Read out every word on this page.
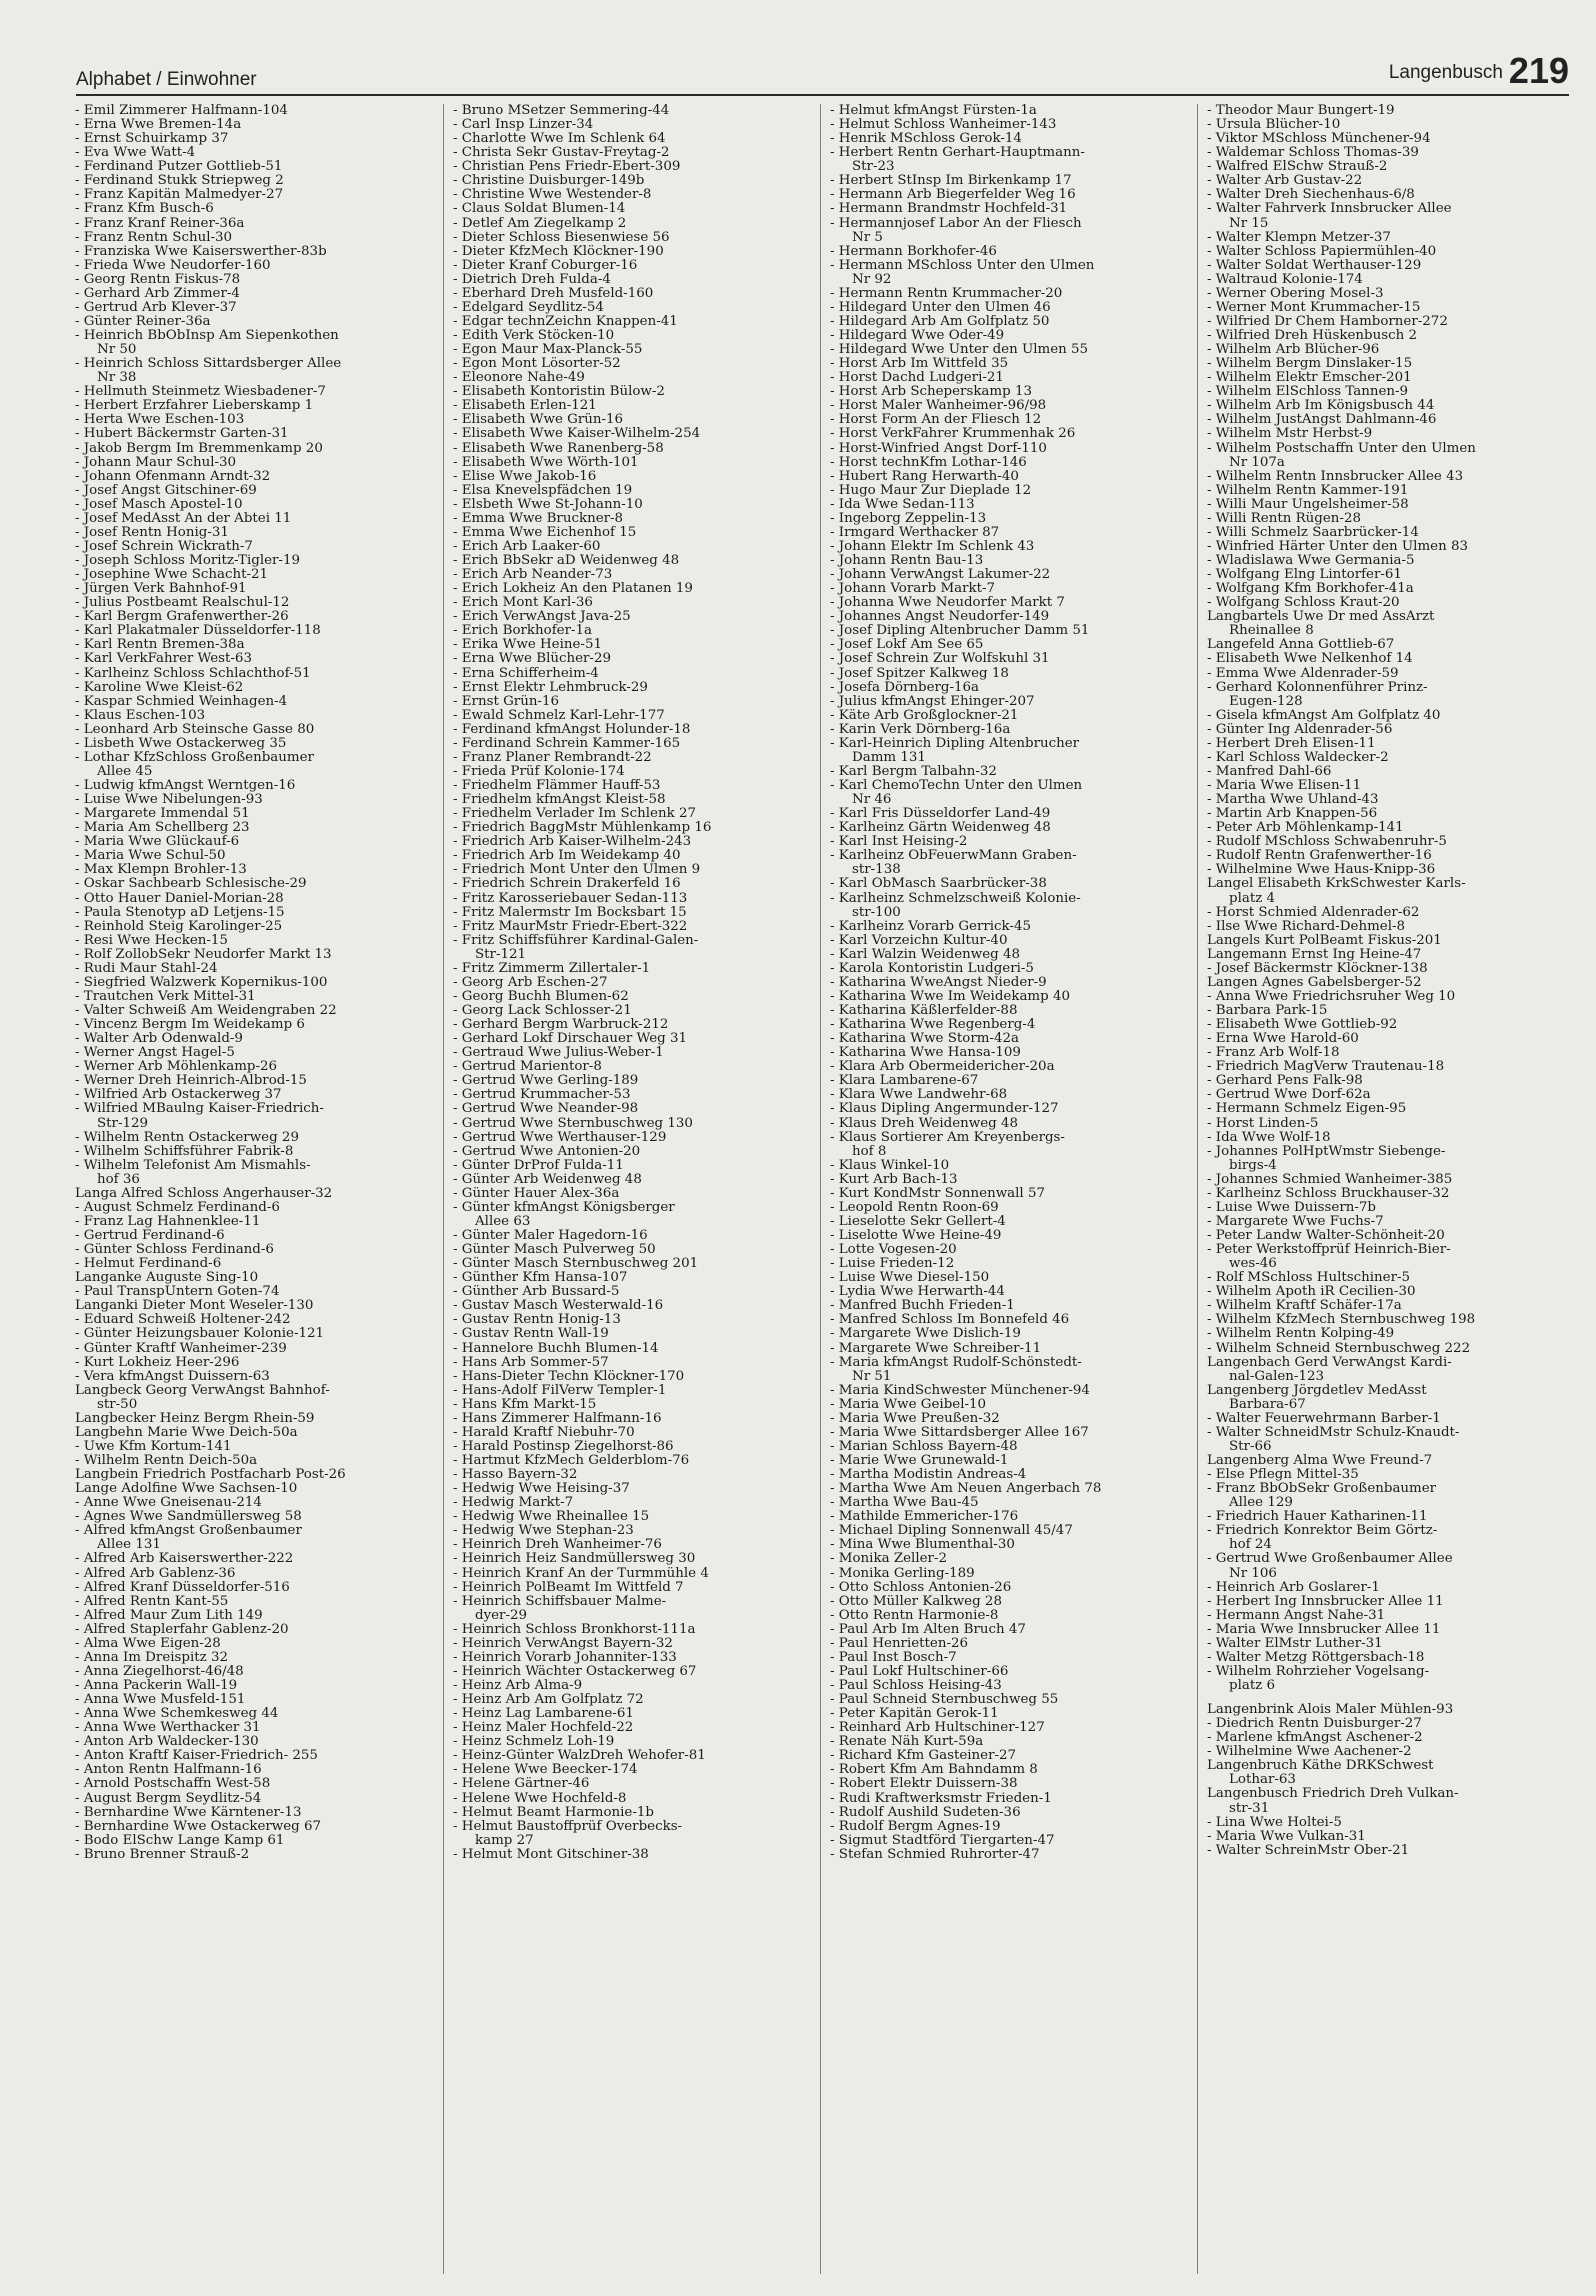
Alphabet / Einwohner	Langenbusch 219
- Emil Zimmerer Halfmann-104
- Erna Wwe Bremen-14a
- Ernst Schuirkamp 37
- Eva Wwe Watt-4
- Ferdinand Putzer Gottlieb-51
- Ferdinand Stukk Striepweg 2
- Franz Kapitän Malmedyer-27
- Franz Kfm Busch-6
- Franz Kranf Reiner-36a
- Franz Rentn Schul-30
- Franziska Wwe Kaiserswerther-83b
- Frieda Wwe Neudorfer-160
- Georg Rentn Fiskus-78
- Gerhard Arb Zimmer-4
- Gertrud Arb Klever-37
- Günter Reiner-36a
- Heinrich BbObInsp Am Siepenkothen
Nr 50
- Heinrich Schloss Sittardsberger Allee
Nr 38
- Hellmuth Steinmetz Wiesbadener-7
- Herbert Erzfahrer Lieberskamp 1
- Herta Wwe Eschen-103
- Hubert Bäckermstr Garten-31
- Jakob Bergm Im Bremmenkamp 20
- Johann Maur Schul-30
- Johann Ofenmann Arndt-32
- Josef Angst Gitschiner-69
- Josef Masch Apostel-10
- Josef MedAsst An der Abtei 11
- Josef Rentn Honig-31
- Josef Schrein Wickrath-7
- Joseph Schloss Moritz-Tigler-19
- Josephine Wwe Schacht-21
- Jürgen Verk Bahnhof-91
- Julius Postbeamt Realschul-12
- Karl Bergm Grafenwerther-26
- Karl Plakatmaler Düsseldorfer-118
- Karl Rentn Bremen-38a
- Karl VerkFahrer West-63
- Karlheinz Schloss Schlachthof-51
- Karoline Wwe Kleist-62
- Kaspar Schmied Weinhagen-4
- Klaus Eschen-103
- Leonhard Arb Steinsche Gasse 80
- Lisbeth Wwe Ostackerweg 35
- Lothar KfzSchloss Großenbaumer
Allee 45
- Ludwig kfmAngst Werntgen-16
- Luise Wwe Nibelungen-93
- Margarete Immendal 51
- Maria Am Schellberg 23
- Maria Wwe Glückauf-6
- Maria Wwe Schul-50
- Max Klempn Brohler-13
- Oskar Sachbearb Schlesische-29
- Otto Hauer Daniel-Morian-28
- Paula Stenotyp aD Letjens-15
- Reinhold Steig Karolinger-25
- Resi Wwe Hecken-15
- Rolf ZollobSekr Neudorfer Markt 13
- Rudi Maur Stahl-24
- Siegfried Walzwerk Kopernikus-100
- Trautchen Verk Mittel-31
- Valter Schweiß Am Weidengraben 22
- Vincenz Bergm Im Weidekamp 6
- Walter Arb Odenwald-9
- Werner Angst Hagel-5
- Werner Arb Möhlenkamp-26
- Werner Dreh Heinrich-Albrod-15
- Wilfried Arb Ostackerweg 37
- Wilfried MBaulng Kaiser-Friedrich-
Str-129
- Wilhelm Rentn Ostackerweg 29
- Wilhelm Schiffsführer Fabrik-8
- Wilhelm Telefonist Am Mismahls-
hof 36
Langa Alfred Schloss Angerhauser-32
- August Schmelz Ferdinand-6
- Franz Lag Hahnenklee-11
- Gertrud Ferdinand-6
- Günter Schloss Ferdinand-6
- Helmut Ferdinand-6
Langanke Auguste Sing-10
- Paul TranspUntern Goten-74
Langanki Dieter Mont Weseler-130
- Eduard Schweiß Holtener-242
- Günter Heizungsbauer Kolonie-121
- Günter Kraftf Wanheimer-239
- Kurt Lokheiz Heer-296
- Vera kfmAngst Duissern-63
Langbeck Georg VerwAngst Bahnhof-
str-50
Langbecker Heinz Bergm Rhein-59
Langbehn Marie Wwe Deich-50a
- Uwe Kfm Kortum-141
- Wilhelm Rentn Deich-50a
Langbein Friedrich Postfacharb Post-26
Lange Adolfine Wwe Sachsen-10
- Änne Wwe Gneisenau-214
- Agnes Wwe Sandmüllersweg 58
- Alfred kfmAngst Großenbaumer
Allee 131
- Alfred Arb Kaiserswerther-222
- Alfred Arb Gablenz-36
- Alfred Kranf Düsseldorfer-516
- Alfred Rentn Kant-55
- Alfred Maur Zum Lith 149
- Alfred Staplerfahr Gablenz-20
- Alma Wwe Eigen-28
- Anna Im Dreispitz 32
- Anna Ziegelhorst-46/48
- Anna Packerin Wall-19
- Anna Wwe Musfeld-151
- Anna Wwe Schemkesweg 44
- Anna Wwe Werthacker 31
- Anton Arb Waldecker-130
- Anton Kraftf Kaiser-Friedrich- 255
- Anton Rentn Halfmann-16
- Arnold Postschaffn West-58
- August Bergm Seydlitz-54
- Bernhardine Wwe Kärntener-13
- Bernhardine Wwe Ostackerweg 67
- Bodo ElSchw Lange Kamp 61
- Bruno Brenner Strauß-2
- Bruno MSetzer Semmering-44
- Carl Insp Linzer-34
- Charlotte Wwe Im Schlenk 64
- Christa Sekr Gustav-Freytag-2
- Christian Pens Friedr-Ebert-309
- Christine Duisburger-149b
- Christine Wwe Westender-8
- Claus Soldat Blumen-14
- Detlef Am Ziegelkamp 2
- Dieter Schloss Biesenwiese 56
- Dieter KfzMech Klöckner-190
- Dieter Kranf Coburger-16
- Dietrich Dreh Fulda-4
- Eberhard Dreh Musfeld-160
- Edelgard Seydlitz-54
- Edgar technZeichn Knappen-41
- Edith Verk Stöcken-10
- Egon Maur Max-Planck-55
- Egon Mont Lösorter-52
- Eleonore Nahe-49
- Elisabeth Kontoristin Bülow-2
- Elisabeth Erlen-121
- Elisabeth Wwe Grün-16
- Elisabeth Wwe Kaiser-Wilhelm-254
- Elisabeth Wwe Ranenberg-58
- Elisabeth Wwe Wörth-101
- Elise Wwe Jakob-16
- Elsa Knevelspfädchen 19
- Elsbeth Wwe St-Johann-10
- Emma Wwe Bruckner-8
- Emma Wwe Eichenhof 15
- Erich Arb Laaker-60
- Erich BbSekr aD Weidenweg 48
- Erich Arb Neander-73
- Erich Lokheiz An den Platanen 19
- Erich Mont Karl-36
- Erich VerwAngst Java-25
- Erich Borkhofer-1a
- Erika Wwe Heine-51
- Erna Wwe Blücher-29
- Erna Schifferheim-4
- Ernst Elektr Lehmbruck-29
- Ernst Grün-16
- Ewald Schmelz Karl-Lehr-177
- Ferdinand kfmAngst Holunder-18
- Ferdinand Schrein Kammer-165
- Franz Planer Rembrandt-22
- Frieda Prüf Kolonie-174
- Friedhelm Flämmer Hauff-53
- Friedhelm kfmAngst Kleist-58
- Friedhelm Verlader Im Schlenk 27
- Friedrich BaggMstr Mühlenkamp 16
- Friedrich Arb Kaiser-Wilhelm-243
- Friedrich Arb Im Weidekamp 40
- Friedrich Mont Unter den Ulmen 9
- Friedrich Schrein Drakerfeld 16
- Fritz Karosseriebauer Sedan-113
- Fritz Malermstr Im Bocksbart 15
- Fritz MaurMstr Friedr-Ebert-322
- Fritz Schiffsführer Kardinal-Galen-
Str-121
- Fritz Zimmerm Zillertaler-1
- Georg Arb Eschen-27
- Georg Buchh Blumen-62
- Georg Lack Schlosser-21
- Gerhard Bergm Warbruck-212
- Gerhard Lokf Dirschauer Weg 31
- Gertraud Wwe Julius-Weber-1
- Gertrud Marientor-8
- Gertrud Wwe Gerling-189
- Gertrud Krummacher-53
- Gertrud Wwe Neander-98
- Gertrud Wwe Sternbuschweg 130
- Gertrud Wwe Werthauser-129
- Gertrud Wwe Antonien-20
- Günter DrProf Fulda-11
- Günter Arb Weidenweg 48
- Günter Hauer Alex-36a
- Günter kfmAngst Königsberger
Allee 63
- Günter Maler Hagedorn-16
- Günter Masch Pulverweg 50
- Günter Masch Sternbuschweg 201
- Günther Kfm Hansa-107
- Günther Arb Bussard-5
- Gustav Masch Westerwald-16
- Gustav Rentn Honig-13
- Gustav Rentn Wall-19
- Hannelore Buchh Blumen-14
- Hans Arb Sommer-57
- Hans-Dieter Techn Klöckner-170
- Hans-Adolf FilVerw Templer-1
- Hans Kfm Markt-15
- Hans Zimmerer Halfmann-16
- Harald Kraftf Niebuhr-70
- Harald Postinsp Ziegelhorst-86
- Hartmut KfzMech Gelderblom-76
- Hasso Bayern-32
- Hedwig Wwe Heising-37
- Hedwig Markt-7
- Hedwig Wwe Rheinallee 15
- Hedwig Wwe Stephan-23
- Heinrich Dreh Wanheimer-76
- Heinrich Heiz Sandmüllersweg 30
- Heinrich Kranf An der Turmmühle 4
- Heinrich PolBeamt Im Wittfeld 7
- Heinrich Schiffsbauer Malme-
dyer-29
- Heinrich Schloss Bronkhorst-111a
- Heinrich VerwAngst Bayern-32
- Heinrich Vorarb Johanniter-133
- Heinrich Wächter Ostackerweg 67
- Heinz Arb Alma-9
- Heinz Arb Am Golfplatz 72
- Heinz Lag Lambarene-61
- Heinz Maler Hochfeld-22
- Heinz Schmelz Loh-19
- Heinz-Günter WalzDreh Wehofer-81
- Helene Wwe Beecker-174
- Helene Gärtner-46
- Helene Wwe Hochfeld-8
- Helmut Beamt Harmonie-1b
- Helmut Baustoffprüf Overbecks-
kamp 27
- Helmut Mont Gitschiner-38
- Helmut kfmAngst Fürsten-1a
- Helmut Schloss Wanheimer-143
- Henrik MSchloss Gerok-14
- Herbert Rentn Gerhart-Hauptmann-
Str-23
- Herbert StInsp Im Birkenkamp 17
- Hermann Arb Biegerfelder Weg 16
- Hermann Brandmstr Hochfeld-31
- Hermannjosef Labor An der Fliesch
Nr 5
- Hermann Borkhofer-46
- Hermann MSchloss Unter den Ulmen
Nr 92
- Hermann Rentn Krummacher-20
- Hildegard Unter den Ulmen 46
- Hildegard Arb Am Golfplatz 50
- Hildegard Wwe Oder-49
- Hildegard Wwe Unter den Ulmen 55
- Horst Arb Im Wittfeld 35
- Horst Dachd Ludgeri-21
- Horst Arb Scheperskamp 13
- Horst Maler Wanheimer-96/98
- Horst Form An der Fliesch 12
- Horst VerkFahrer Krummenhak 26
- Horst-Winfried Angst Dorf-110
- Horst technKfm Lothar-146
- Hubert Rang Herwarth-40
- Hugo Maur Zur Dieplade 12
- Ida Wwe Sedan-113
- Ingeborg Zeppelin-13
- Irmgard Werthacker 87
- Johann Elektr Im Schlenk 43
- Johann Rentn Bau-13
- Johann VerwAngst Lakumer-22
- Johann Vorarb Markt-7
- Johanna Wwe Neudorfer Markt 7
- Johannes Angst Neudorfer-149
- Josef Dipling Altenbrucher Damm 51
- Josef Lokf Am See 65
- Josef Schrein Zur Wolfskuhl 31
- Josef Spitzer Kalkweg 18
- Josefa Dörnberg-16a
- Julius kfmAngst Ehinger-207
- Käte Arb Großglockner-21
- Karin Verk Dörnberg-16a
- Karl-Heinrich Dipling Altenbrucher
Damm 131
- Karl Bergm Talbahn-32
- Karl ChemoTechn Unter den Ulmen
Nr 46
- Karl Fris Düsseldorfer Land-49
- Karlheinz Gärtn Weidenweg 48
- Karl Inst Heising-2
- Karlheinz ObFeuerwMann Graben-
str-138
- Karl ObMasch Saarbrücker-38
- Karlheinz Schmelzschweiß Kolonie-
str-100
- Karlheinz Vorarb Gerrick-45
- Karl Vorzeichn Kultur-40
- Karl Walzin Weidenweg 48
- Karola Kontoristin Ludgeri-5
- Katharina WweAngst Nieder-9
- Katharina Wwe Im Weidekamp 40
- Katharina Käßlerfelder-88
- Katharina Wwe Regenberg-4
- Katharina Wwe Storm-42a
- Katharina Wwe Hansa-109
- Klara Arb Obermeidericher-20a
- Klara Lambarene-67
- Klara Wwe Landwehr-68
- Klaus Dipling Angermunder-127
- Klaus Dreh Weidenweg 48
- Klaus Sortierer Am Kreyenbergs-
hof 8
- Klaus Winkel-10
- Kurt Arb Bach-13
- Kurt KondMstr Sonnenwall 57
- Leopold Rentn Roon-69
- Lieselotte Sekr Gellert-4
- Liselotte Wwe Heine-49
- Lotte Vogesen-20
- Luise Frieden-12
- Luise Wwe Diesel-150
- Lydia Wwe Herwarth-44
- Manfred Buchh Frieden-1
- Manfred Schloss Im Bonnefeld 46
- Margarete Wwe Dislich-19
- Margarete Wwe Schreiber-11
- Maria kfmAngst Rudolf-Schönstedt-
Nr 51
- Maria KindSchwester Münchener-94
- Maria Wwe Geibel-10
- Maria Wwe Preußen-32
- Maria Wwe Sittardsberger Allee 167
- Marian Schloss Bayern-48
- Marie Wwe Grunewald-1
- Martha Modistin Andreas-4
- Martha Wwe Am Neuen Angerbach 78
- Martha Wwe Bau-45
- Mathilde Emmericher-176
- Michael Dipling Sonnenwall 45/47
- Mina Wwe Blumenthal-30
- Monika Zeller-2
- Monika Gerling-189
- Otto Schloss Antonien-26
- Otto Müller Kalkweg 28
- Otto Rentn Harmonie-8
- Paul Arb Im Alten Bruch 47
- Paul Henrietten-26
- Paul Inst Bosch-7
- Paul Lokf Hultschiner-66
- Paul Schloss Heising-43
- Paul Schneid Sternbuschweg 55
- Peter Kapitän Gerok-11
- Reinhard Arb Hultschiner-127
- Renate Näh Kurt-59a
- Richard Kfm Gasteiner-27
- Robert Kfm Am Bahndamm 8
- Robert Elektr Duissern-38
- Rudi Kraftwerksmstr Frieden-1
- Rudolf Aushild Sudeten-36
- Rudolf Bergm Agnes-19
- Sigmut Stadtförd Tiergarten-47
- Stefan Schmied Ruhrorter-47
- Theodor Maur Bungert-19
- Ursula Blücher-10
- Viktor MSchloss Münchener-94
- Waldemar Schloss Thomas-39
- Walfred ElSchw Strauß-2
- Walter Arb Gustav-22
- Walter Dreh Siechenhaus-6/8
- Walter Fahrverk Innsbrucker Allee
Nr 15
- Walter Klempn Metzer-37
- Walter Schloss Papiermühlen-40
- Walter Soldat Werthauser-129
- Waltraud Kolonie-174
- Werner Obering Mosel-3
- Werner Mont Krummacher-15
- Wilfried Dr Chem Hamborner-272
- Wilfried Dreh Hüskenbusch 2
- Wilhelm Arb Blücher-96
- Wilhelm Bergm Dinslaker-15
- Wilhelm Elektr Emscher-201
- Wilhelm ElSchloss Tannen-9
- Wilhelm Arb Im Königsbusch 44
- Wilhelm JustAngst Dahlmann-46
- Wilhelm Mstr Herbst-9
- Wilhelm Postschaffn Unter den Ulmen
Nr 107a
- Wilhelm Rentn Innsbrucker Allee 43
- Wilhelm Rentn Kammer-191
- Willi Maur Ungelsheimer-58
- Willi Rentn Rügen-28
- Willi Schmelz Saarbrücker-14
- Winfried Härter Unter den Ulmen 83
- Wladislawa Wwe Germania-5
- Wolfgang Elng Lintorfer-61
- Wolfgang Kfm Borkhofer-41a
- Wolfgang Schloss Kraut-20
Langbartels Uwe Dr med AssArzt
Rheinallee 8
Langefeld Anna Gottlieb-67
- Elisabeth Wwe Nelkenhof 14
- Emma Wwe Aldenrader-59
- Gerhard Kolonnenführer Prinz-
Eugen-128
- Gisela kfmAngst Am Golfplatz 40
- Günter Ing Aldenrader-56
- Herbert Dreh Elisen-11
- Karl Schloss Waldecker-2
- Manfred Dahl-66
- Maria Wwe Elisen-11
- Martha Wwe Uhland-43
- Martin Arb Knappen-56
- Peter Arb Möhlenkamp-141
- Rudolf MSchloss Schwabenruhr-5
- Rudolf Rentn Grafenwerther-16
- Wilhelmine Wwe Haus-Knipp-36
Langel Elisabeth KrkSchwester Karls-
platz 4
- Horst Schmied Aldenrader-62
- Ilse Wwe Richard-Dehmel-8
Langels Kurt PolBeamt Fiskus-201
Langemann Ernst Ing Heine-47
- Josef Bäckermstr Klöckner-138
Langen Agnes Gabelsberger-52
- Anna Wwe Friedrichsruher Weg 10
- Barbara Park-15
- Elisabeth Wwe Gottlieb-92
- Erna Wwe Harold-60
- Franz Arb Wolf-18
- Friedrich MagVerw Trautenau-18
- Gerhard Pens Falk-98
- Gertrud Wwe Dorf-62a
- Hermann Schmelz Eigen-95
- Horst Linden-5
- Ida Wwe Wolf-18
- Johannes PolHptWmstr Siebenge-
birgs-4
- Johannes Schmied Wanheimer-385
- Karlheinz Schloss Bruckhauser-32
- Luise Wwe Duissern-7b
- Margarete Wwe Fuchs-7
- Peter Landw Walter-Schönheit-20
- Peter Werkstoffprüf Heinrich-Bier-
wes-46
- Rolf MSchloss Hultschiner-5
- Wilhelm Apoth iR Cecilien-30
- Wilhelm Kraftf Schäfer-17a
- Wilhelm KfzMech Sternbuschweg 198
- Wilhelm Rentn Kolping-49
- Wilhelm Schneid Sternbuschweg 222
Langenbach Gerd VerwAngst Kardi-
nal-Galen-123
Langenberg Jörgdetlev MedAsst
Barbara-67
- Walter Feuerwehrmann Barber-1
- Walter SchneidMstr Schulz-Knaudt-
Str-66
Langenberg Alma Wwe Freund-7
- Else Pflegn Mittel-35
- Franz BbObSekr Großenbaumer
Allee 129
- Friedrich Hauer Katharinen-11
- Friedrich Konrektor Beim Görtz-
hof 24
- Gertrud Wwe Großenbaumer Allee
Nr 106
- Heinrich Arb Goslarer-1
- Herbert Ing Innsbrucker Allee 11
- Hermann Angst Nahe-31
- Maria Wwe Innsbrucker Allee 11
- Walter ElMstr Luther-31
- Walter Metzg Röttgersbach-18
- Wilhelm Rohrzieher Vogelsang-
platz 6
Langenbrink Alois Maler Mühlen-93
- Diedrich Rentn Duisburger-27
- Marlene kfmAngst Aschener-2
- Wilhelmine Wwe Aachener-2
Langenbruch Käthe DRKSchwest
Lothar-63
Langenbusch Friedrich Dreh Vulkan-
str-31
- Lina Wwe Holtei-5
- Maria Wwe Vulkan-31
- Walter SchreinMstr Ober-21
